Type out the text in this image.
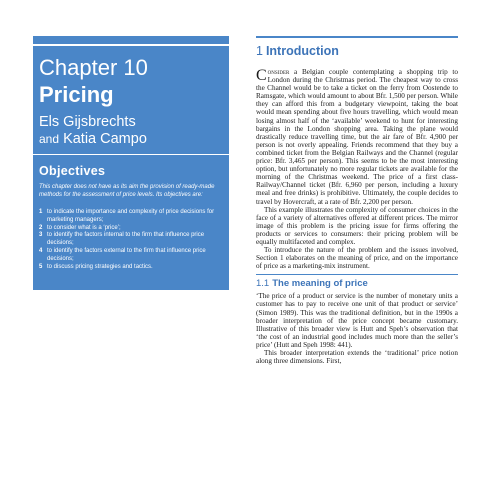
Chapter 10
Pricing
Els Gijsbrechts
and Katia Campo
Objectives
This chapter does not have as its aim the provision of ready-made methods for the assessment of price levels. Its objectives are:
1 to indicate the importance and complexity of price decisions for marketing managers;
2 to consider what is a ‘price’;
3 to identify the factors internal to the firm that influence price decisions;
4 to identify the factors external to the firm that influence price decisions;
5 to discuss pricing strategies and tactics.
1 Introduction

Consider a Belgian couple contemplating a shopping trip to London during the Christmas period. The cheapest way to cross the Channel would be to take a ticket on the ferry from Oostende to Ramsgate, which would amount to about Bfr. 1,500 per person. While they can afford this from a budgetary viewpoint, taking the boat would mean spending about five hours travelling, which would mean losing almost half of the ‘available’ weekend to hunt for interesting bargains in the London shopping area. Taking the plane would drastically reduce travelling time, but the air fare of Bfr. 4,900 per person is not overly appealing. Friends recommend that they buy a combined ticket from the Belgian Railways and the Channel (regular price: Bfr. 3,465 per person). This seems to be the most interesting option, but unfortunately no more regular tickets are available for the morning of the Christmas weekend. The price of a first class-Railway/Channel ticket (Bfr. 6,960 per person, including a luxury meal and free drinks) is prohibitive. Ultimately, the couple decides to travel by Hovercraft, at a rate of Bfr. 2,200 per person.

This example illustrates the complexity of consumer choices in the face of a variety of alternatives offered at different prices. The mirror image of this problem is the pricing issue for firms offering the products or services to consumers: their pricing problem will be equally multifaceted and complex.

To introduce the nature of the problem and the issues involved, Section 1 elaborates on the meaning of price, and on the importance of price as a marketing-mix instrument.

1.1 The meaning of price

‘The price of a product or service is the number of monetary units a customer has to pay to receive one unit of that product or service’ (Simon 1989). This was the traditional definition, but in the 1990s a broader interpretation of the price concept became customary. Illustrative of this broader view is Hutt and Speh’s observation that ‘the cost of an industrial good includes much more than the seller’s price’ (Hutt and Speh 1998: 441).

This broader interpretation extends the ‘traditional’ price notion along three dimensions. First,
